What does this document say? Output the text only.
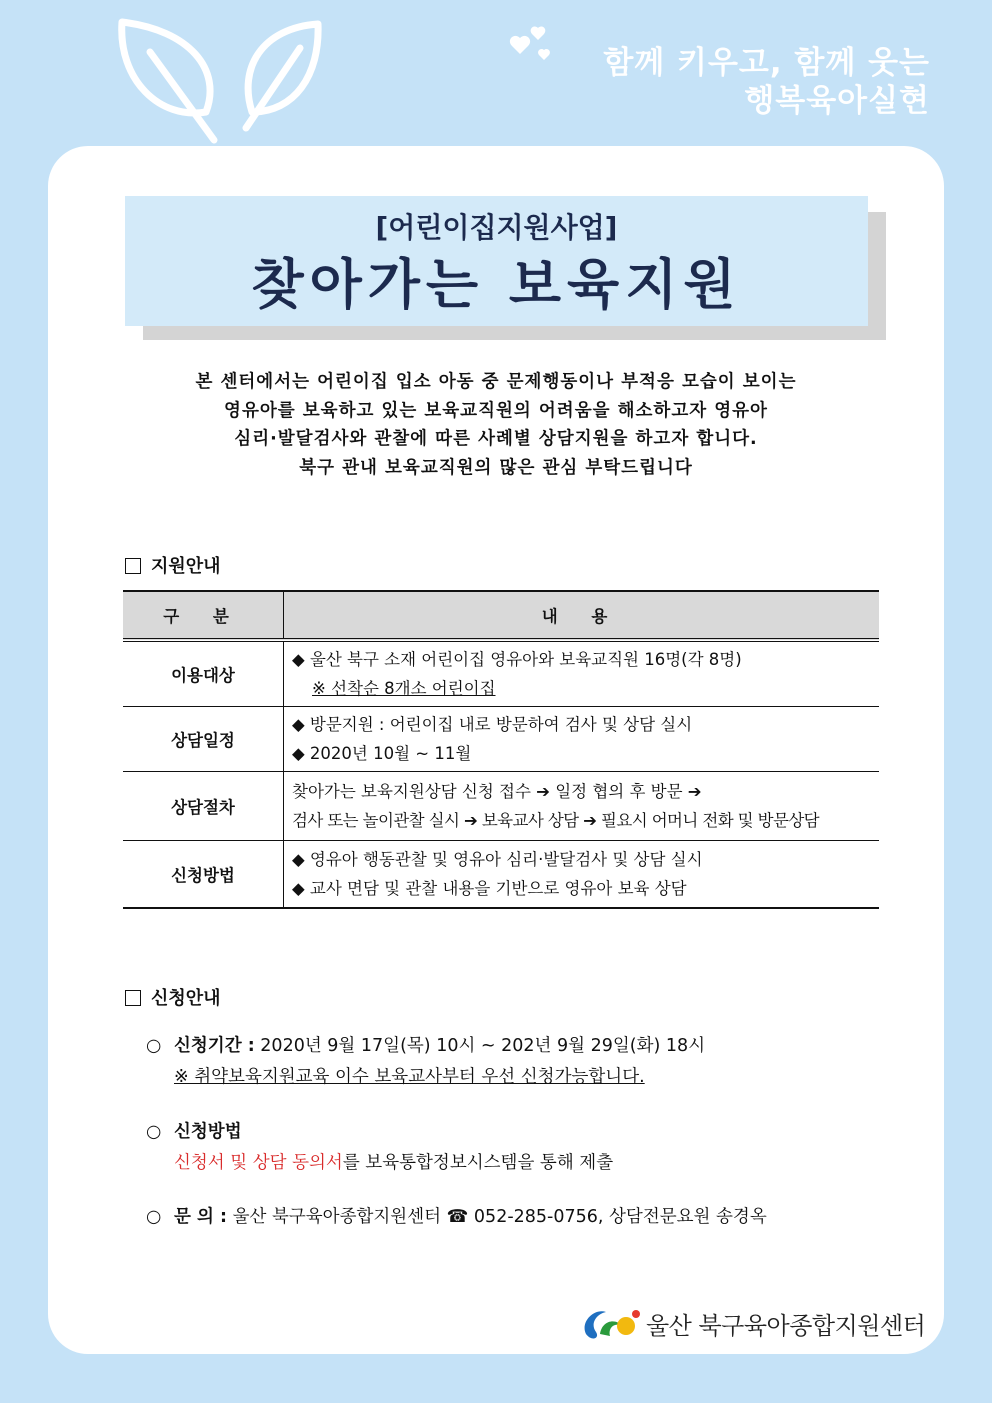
함께 키우고, 함께 웃는
행복육아실현
[어린이집지원사업]
찾아가는 보육지원
본 센터에서는 어린이집 입소 아동 중 문제행동이나 부적응 모습이 보이는
영유아를 보육하고 있는 보육교직원의 어려움을 해소하고자 영유아
심리·발달검사와 관찰에 따른 사례별 상담지원을 하고자 합니다.
북구 관내 보육교직원의 많은 관심 부탁드립니다
지원안내
구 분	내 용
이용대상	◆ 울산 북구 소재 어린이집 영유아와 보육교직원 16명(각 8명)
※ 선착순 8개소 어린이집

상담일정	◆ 방문지원 : 어린이집 내로 방문하여 검사 및 상담 실시
◆ 2020년 10월 ~ 11월

상담절차	찾아가는 보육지원상담 신청 접수 ➔ 일정 협의 후 방문 ➔
검사 또는 놀이관찰 실시 ➔ 보육교사 상담 ➔ 필요시 어머니 전화 및 방문상담

신청방법	◆ 영유아 행동관찰 및 영유아 심리·발달검사 및 상담 실시
◆ 교사 면담 및 관찰 내용을 기반으로 영유아 보육 상담
신청안내
○ 신청기간 : 2020년 9월 17일(목) 10시 ~ 202년 9월 29일(화) 18시
※ 취약보육지원교육 이수 보육교사부터 우선 신청가능합니다.
○ 신청방법
신청서 및 상담 동의서를 보육통합정보시스템을 통해 제출
○ 문 의 : 울산 북구육아종합지원센터 ☎ 052-285-0756, 상담전문요원 송경옥
울산 북구육아종합지원센터
